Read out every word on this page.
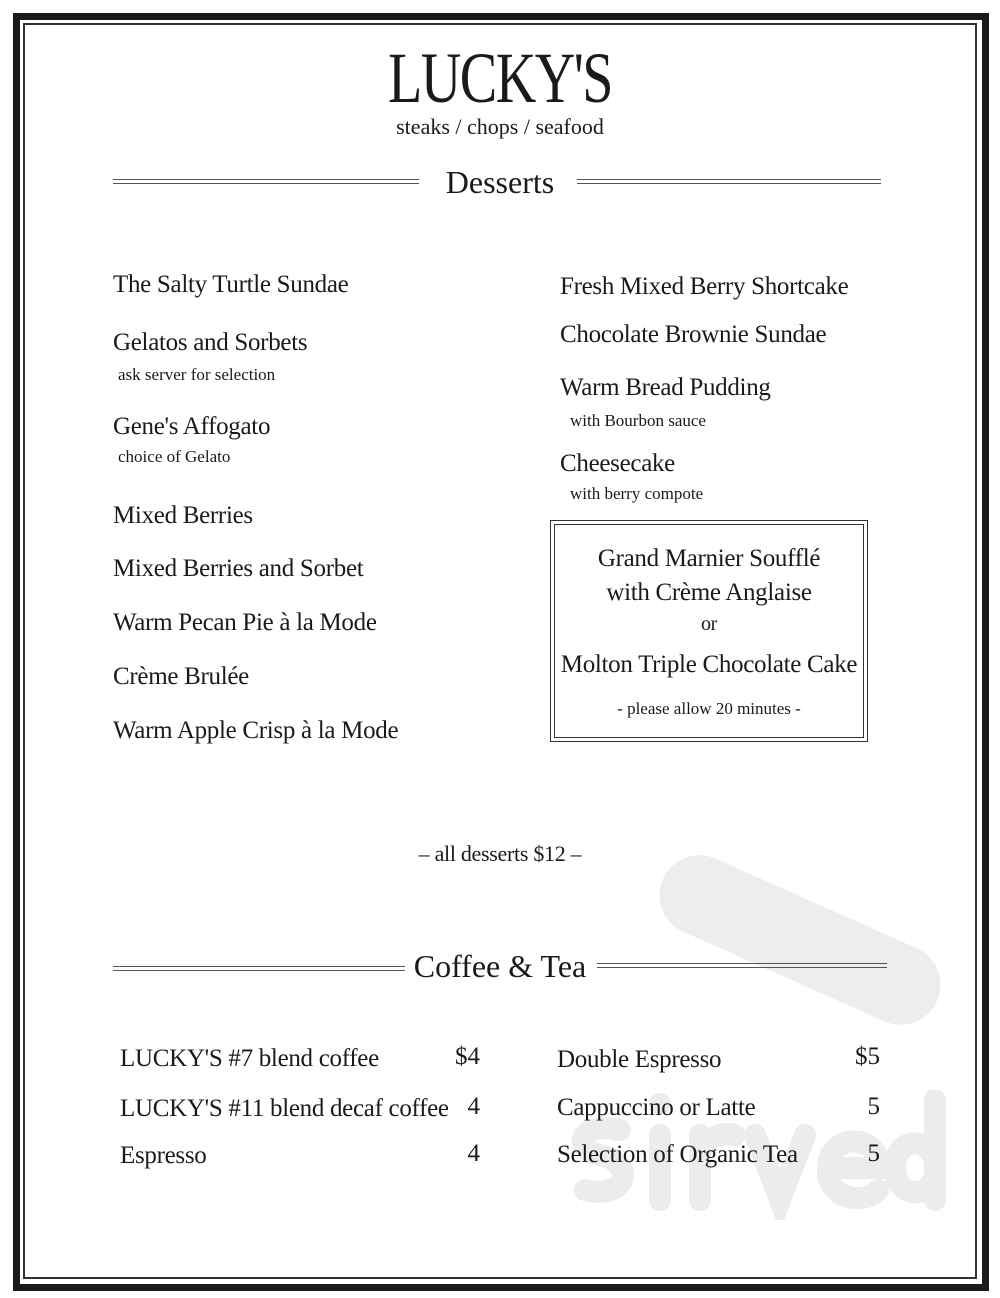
LUCKY'S
steaks / chops / seafood
Desserts
The Salty Turtle Sundae
Gelatos and Sorbets
ask server for selection
Gene's Affogato
choice of Gelato
Mixed Berries
Mixed Berries and Sorbet
Warm Pecan Pie à la Mode
Crème Brulée
Warm Apple Crisp à la Mode
Fresh Mixed Berry Shortcake
Chocolate Brownie Sundae
Warm Bread Pudding
with Bourbon sauce
Cheesecake
with berry compote
Grand Marnier Soufflé
with Crème Anglaise
or
Molton Triple Chocolate Cake
- please allow 20 minutes -
– all desserts $12 –
Coffee & Tea
LUCKY'S #7 blend coffee	$4
LUCKY'S #11 blend decaf coffee 4
Espresso	4
Double Espresso	$5
Cappuccino or Latte	5
Selection of Organic Tea	5
